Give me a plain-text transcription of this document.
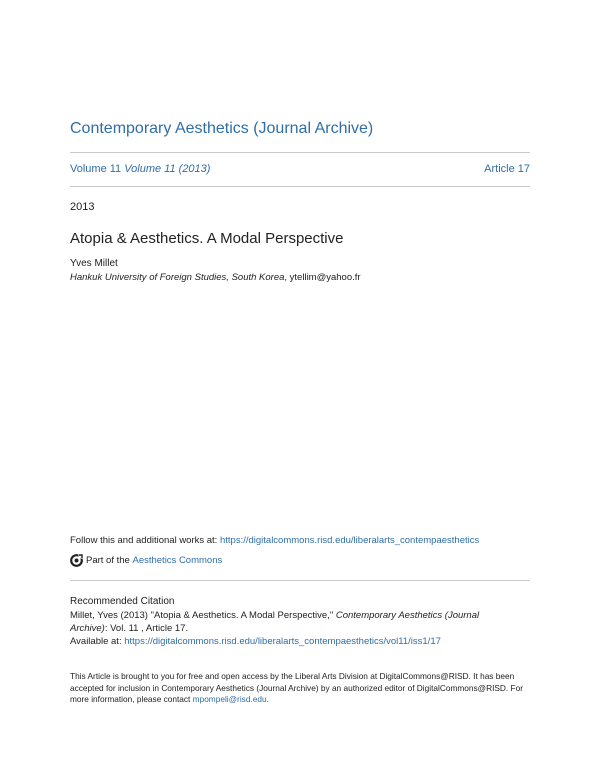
Contemporary Aesthetics (Journal Archive)
Volume 11 Volume 11 (2013)	Article 17
2013
Atopia & Aesthetics. A Modal Perspective
Yves Millet
Hankuk University of Foreign Studies, South Korea, ytellim@yahoo.fr
Follow this and additional works at: https://digitalcommons.risd.edu/liberalarts_contempaesthetics
Part of the
Aesthetics Commons
Recommended Citation
Millet, Yves (2013) "Atopia & Aesthetics. A Modal Perspective," Contemporary Aesthetics (Journal
Archive): Vol. 11 , Article 17.
Available at: https://digitalcommons.risd.edu/liberalarts_contempaesthetics/vol11/iss1/17
This Article is brought to you for free and open access by the Liberal Arts Division at DigitalCommons@RISD. It has been accepted for inclusion in Contemporary Aesthetics (Journal Archive) by an authorized editor of DigitalCommons@RISD. For more information, please contact mpompeli@risd.edu.
